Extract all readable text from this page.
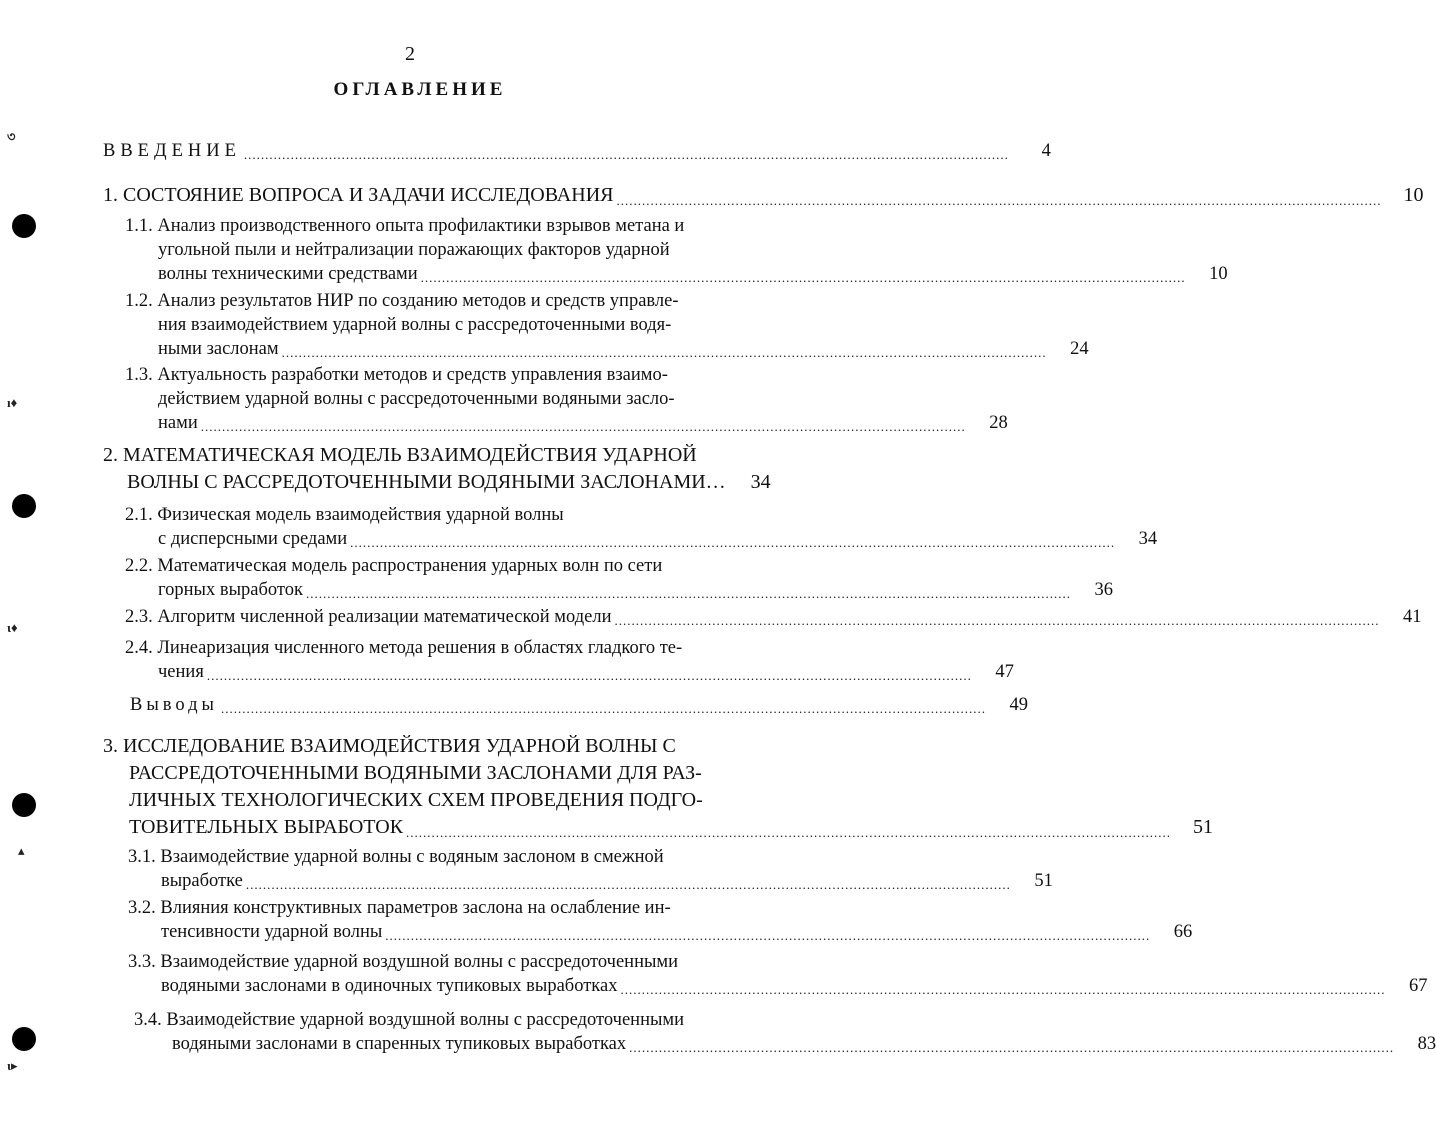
৩
ı♦
ɩ♦
▴
ɩ▸
2
ОГЛАВЛЕНИЕ
ВВЕДЕНИЕ ....................................................................................................................................................................................	4
1. СОСТОЯНИЕ ВОПРОСА И ЗАДАЧИ ИССЛЕДОВАНИЯ ....................................................................................................................................................................................	10
1.1. Анализ производственного опыта профилактики взрывов метана и
угольной пыли и нейтрализации поражающих факторов ударной
волны техническими средствами ....................................................................................................................................................................................	10
1.2. Анализ результатов НИР по созданию методов и средств управле-
ния взаимодействием ударной волны с рассредоточенными водя-
ными заслонам ....................................................................................................................................................................................	24
1.3. Актуальность разработки методов и средств управления взаимо-
действием ударной волны с рассредоточенными водяными засло-
нами ....................................................................................................................................................................................	28
2. МАТЕМАТИЧЕСКАЯ МОДЕЛЬ ВЗАИМОДЕЙСТВИЯ УДАРНОЙ
ВОЛНЫ С РАССРЕДОТОЧЕННЫМИ ВОДЯНЫМИ ЗАСЛОНАМИ…	34
2.1. Физическая модель взаимодействия ударной волны
с дисперсными средами ....................................................................................................................................................................................	34
2.2. Математическая модель распространения ударных волн по сети
горных выработок ....................................................................................................................................................................................	36
2.3. Алгоритм численной реализации математической модели ....................................................................................................................................................................................	41
2.4. Линеаризация численного метода решения в областях гладкого те-
чения ....................................................................................................................................................................................	47
Выводы ....................................................................................................................................................................................	49
3. ИССЛЕДОВАНИЕ ВЗАИМОДЕЙСТВИЯ УДАРНОЙ ВОЛНЫ С
РАССРЕДОТОЧЕННЫМИ ВОДЯНЫМИ ЗАСЛОНАМИ ДЛЯ РАЗ-
ЛИЧНЫХ ТЕХНОЛОГИЧЕСКИХ СХЕМ ПРОВЕДЕНИЯ ПОДГО-
ТОВИТЕЛЬНЫХ ВЫРАБОТОК ....................................................................................................................................................................................	51
3.1. Взаимодействие ударной волны с водяным заслоном в смежной
выработке ....................................................................................................................................................................................	51
3.2. Влияния конструктивных параметров заслона на ослабление ин-
тенсивности ударной волны ....................................................................................................................................................................................	66
3.3. Взаимодействие ударной воздушной волны с рассредоточенными
водяными заслонами в одиночных тупиковых выработках ....................................................................................................................................................................................	67
3.4. Взаимодействие ударной воздушной волны с рассредоточенными
водяными заслонами в спаренных тупиковых выработках ....................................................................................................................................................................................	83
